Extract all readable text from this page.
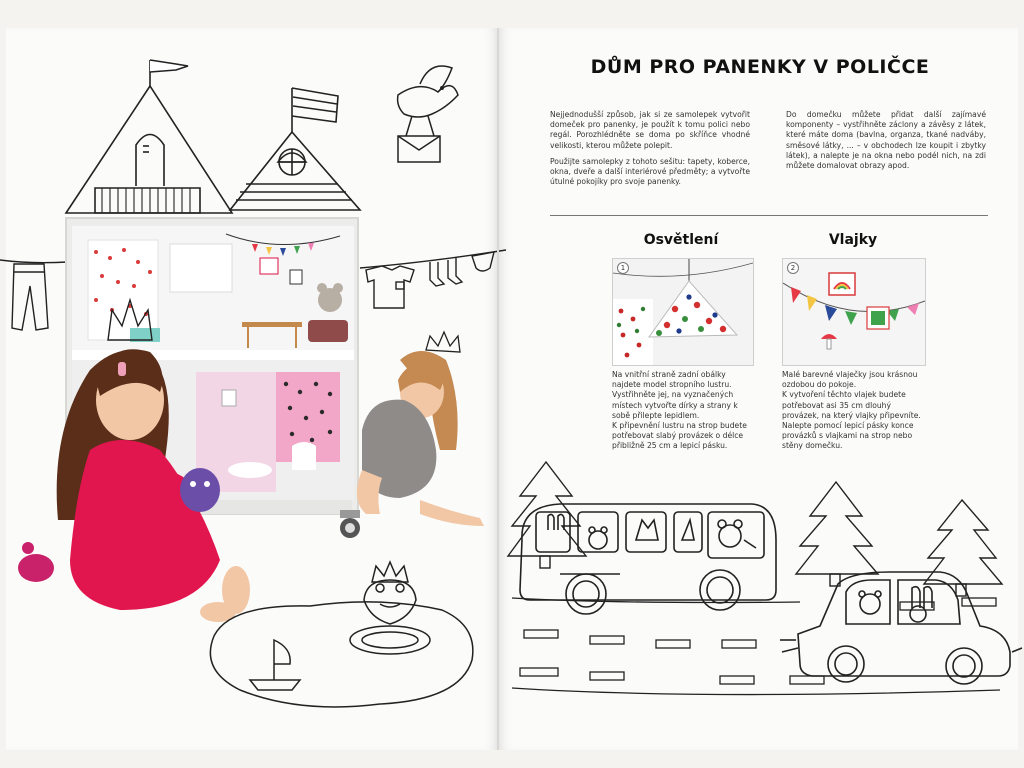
DŮM PRO PANENKY V POLIČCE

Nejjednodušší způsob, jak si ze samolepek vytvořit domeček pro panenky, je použít k tomu polici nebo regál. Porozhlédněte se doma po skříňce vhodné velikosti, kterou můžete polepit.

Použijte samolepky z tohoto sešitu: tapety, koberce, okna, dveře a další interiérové předměty; a vytvořte útulné pokojíky pro svoje panenky.

Do domečku můžete přidat další zajímavé komponenty – vystřihněte záclony a závěsy z látek, které máte doma (bavlna, organza, tkané nadváby, směsové látky, ... – v obchodech lze koupit i zbytky látek), a nalepte je na okna nebo podél nich, na zdi můžete domalovat obrazy apod.

Osvětlení
1

Na vnitřní straně zadní obálky najdete model stropního lustru. Vystřihněte jej, na vyznačených místech vytvořte dírky a strany k sobě přilepte lepidlem.

K připevnění lustru na strop budete potřebovat slabý provázek o délce přibližně 25 cm a lepicí pásku.

Vlajky
2

Malé barevné vlaječky jsou krásnou ozdobou do pokoje.

K vytvoření těchto vlajek budete potřebovat asi 35 cm dlouhý provázek, na který vlajky připevníte. Nalepte pomocí lepicí pásky konce provázků s vlajkami na strop nebo stěny domečku.
